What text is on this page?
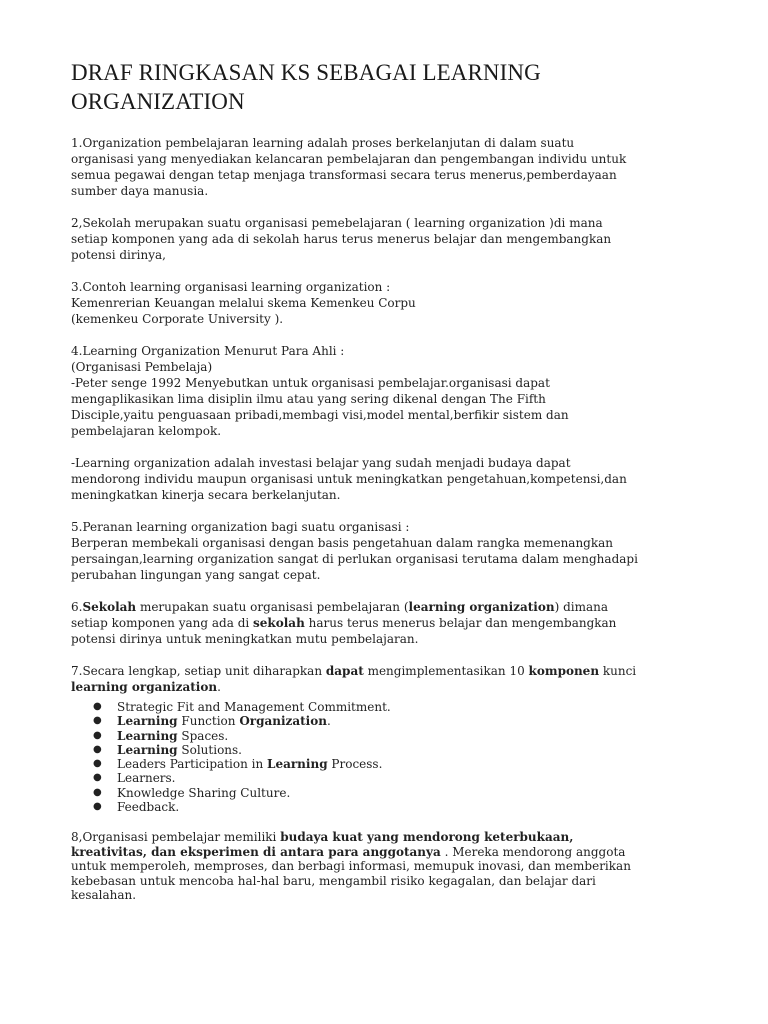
DRAF RINGKASAN KS SEBAGAI LEARNING
ORGANIZATION
1.Organization pembelajaran learning adalah proses berkelanjutan di dalam suatu
organisasi yang menyediakan kelancaran pembelajaran dan pengembangan individu untuk
semua pegawai dengan tetap menjaga transformasi secara terus menerus,pemberdayaan
sumber daya manusia.
2,Sekolah merupakan suatu organisasi pemebelajaran ( learning organization )di mana
setiap komponen yang ada di sekolah harus terus menerus belajar dan mengembangkan
potensi dirinya,
3.Contoh learning organisasi learning organization :
Kemenrerian Keuangan melalui skema Kemenkeu Corpu
(kemenkeu Corporate University ).
4.Learning Organization Menurut Para Ahli :
(Organisasi Pembelaja)
-Peter senge 1992 Menyebutkan untuk organisasi pembelajar.organisasi dapat
mengaplikasikan lima disiplin ilmu atau yang sering dikenal dengan The Fifth
Disciple,yaitu penguasaan pribadi,membagi visi,model mental,berfikir sistem dan
pembelajaran kelompok.
-Learning organization adalah investasi belajar yang sudah menjadi budaya dapat
mendorong individu maupun organisasi untuk meningkatkan pengetahuan,kompetensi,dan
meningkatkan kinerja secara berkelanjutan.
5.Peranan learning organization bagi suatu organisasi :
Berperan membekali organisasi dengan basis pengetahuan dalam rangka memenangkan
persaingan,learning organization sangat di perlukan organisasi terutama dalam menghadapi
perubahan lingungan yang sangat cepat.
6.Sekolah merupakan suatu organisasi pembelajaran (learning organization) dimana
setiap komponen yang ada di sekolah harus terus menerus belajar dan mengembangkan
potensi dirinya untuk meningkatkan mutu pembelajaran.
7.Secara lengkap, setiap unit diharapkan dapat mengimplementasikan 10 komponen kunci
learning organization.
● Strategic Fit and Management Commitment.
● Learning Function Organization.
● Learning Spaces.
● Learning Solutions.
● Leaders Participation in Learning Process.
● Learners.
● Knowledge Sharing Culture.
● Feedback.
8,Organisasi pembelajar memiliki budaya kuat yang mendorong keterbukaan,
kreativitas, dan eksperimen di antara para anggotanya . Mereka mendorong anggota
untuk memperoleh, memproses, dan berbagi informasi, memupuk inovasi, dan memberikan
kebebasan untuk mencoba hal-hal baru, mengambil risiko kegagalan, dan belajar dari
kesalahan.
